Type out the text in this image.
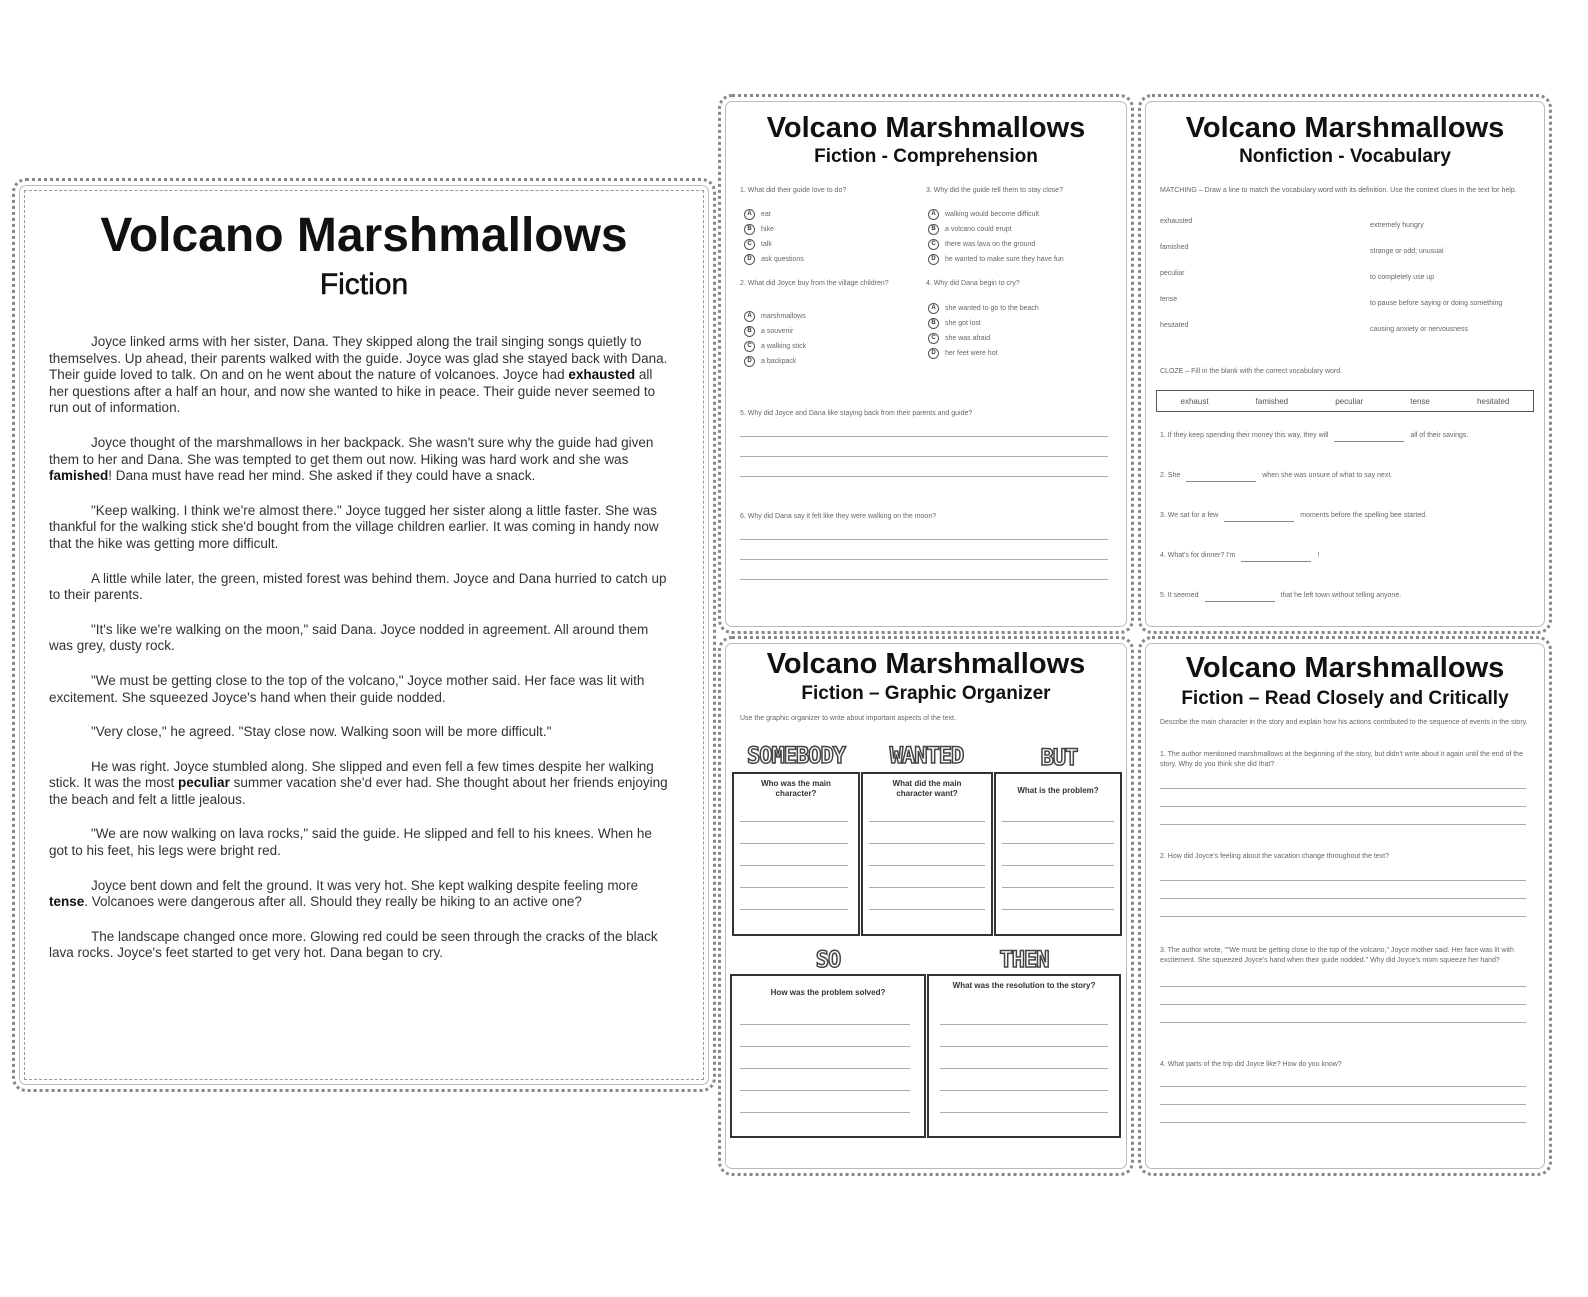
Volcano Marshmallows
Fiction

Joyce linked arms with her sister, Dana. They skipped along the trail singing songs quietly to themselves. Up ahead, their parents walked with the guide. Joyce was glad she stayed back with Dana. Their guide loved to talk. On and on he went about the nature of volcanoes. Joyce had exhausted all her questions after a half an hour, and now she wanted to hike in peace. Their guide never seemed to run out of information.

Joyce thought of the marshmallows in her backpack. She wasn't sure why the guide had given them to her and Dana. She was tempted to get them out now. Hiking was hard work and she was famished! Dana must have read her mind. She asked if they could have a snack.

"Keep walking. I think we're almost there." Joyce tugged her sister along a little faster. She was thankful for the walking stick she'd bought from the village children earlier. It was coming in handy now that the hike was getting more difficult.

A little while later, the green, misted forest was behind them. Joyce and Dana hurried to catch up to their parents.

"It's like we're walking on the moon," said Dana. Joyce nodded in agreement. All around them was grey, dusty rock.

"We must be getting close to the top of the volcano," Joyce mother said. Her face was lit with excitement. She squeezed Joyce's hand when their guide nodded.

"Very close," he agreed. "Stay close now. Walking soon will be more difficult."

He was right. Joyce stumbled along. She slipped and even fell a few times despite her walking stick. It was the most peculiar summer vacation she'd ever had. She thought about her friends enjoying the beach and felt a little jealous.

"We are now walking on lava rocks," said the guide. He slipped and fell to his knees. When he got to his feet, his legs were bright red.

Joyce bent down and felt the ground. It was very hot. She kept walking despite feeling more tense. Volcanoes were dangerous after all. Should they really be hiking to an active one?

The landscape changed once more. Glowing red could be seen through the cracks of the black lava rocks. Joyce's feet started to get very hot. Dana began to cry.

Volcano Marshmallows
Fiction - Comprehension
1. What did their guide love to do?
A	eat
B	hike
C	talk
D	ask questions
2. What did Joyce buy from the village children?
A	marshmallows
B	a souvenir
C	a walking stick
D	a backpack
3. Why did the guide tell them to stay close?
A	walking would become difficult
B	a volcano could erupt
C	there was lava on the ground
D	he wanted to make sure they have fun
4. Why did Dana begin to cry?
A	she wanted to go to the beach
B	she got lost
C	she was afraid
D	her feet were hot
5. Why did Joyce and Dana like staying back from their parents and guide?
6. Why did Dana say it felt like they were walking on the moon?
Volcano Marshmallows
Nonfiction - Vocabulary
MATCHING – Draw a line to match the vocabulary word with its definition. Use the context clues in the text for help.
exhausted
famished
peculiar
tense
hesitated
extremely hungry
strange or odd; unusual
to completely use up
to pause before saying or doing something
causing anxiety or nervousness
CLOZE – Fill in the blank with the correct vocabulary word.
exhaust	famished	peculiar	tense	hesitated
1. If they keep spending their money this way, they will	all of their savings.
2. She	when she was unsure of what to say next.
3. We sat for a few	moments before the spelling bee started.
4. What's for dinner? I'm	!
5. It seemed	that he left town without telling anyone.
Volcano Marshmallows
Fiction – Graphic Organizer
Use the graphic organizer to write about important aspects of the text.
SOMEBODY	WANTED	BUT
Who was the main character?
What did the main character want?	What is the problem?
SO	THEN
How was the problem solved?
What was the resolution to the story?
Volcano Marshmallows
Fiction – Read Closely and Critically
Describe the main character in the story and explain how his actions contributed to the sequence of events in the story.
1. The author mentioned marshmallows at the beginning of the story, but didn't write about it again until the end of the story. Why do you think she did that?
2. How did Joyce's feeling about the vacation change throughout the text?
3. The author wrote, ""We must be getting close to the top of the volcano," Joyce mother said. Her face was lit with excitement. She squeezed Joyce's hand when their guide nodded." Why did Joyce's mom squeeze her hand?
4. What parts of the trip did Joyce like? How do you know?
